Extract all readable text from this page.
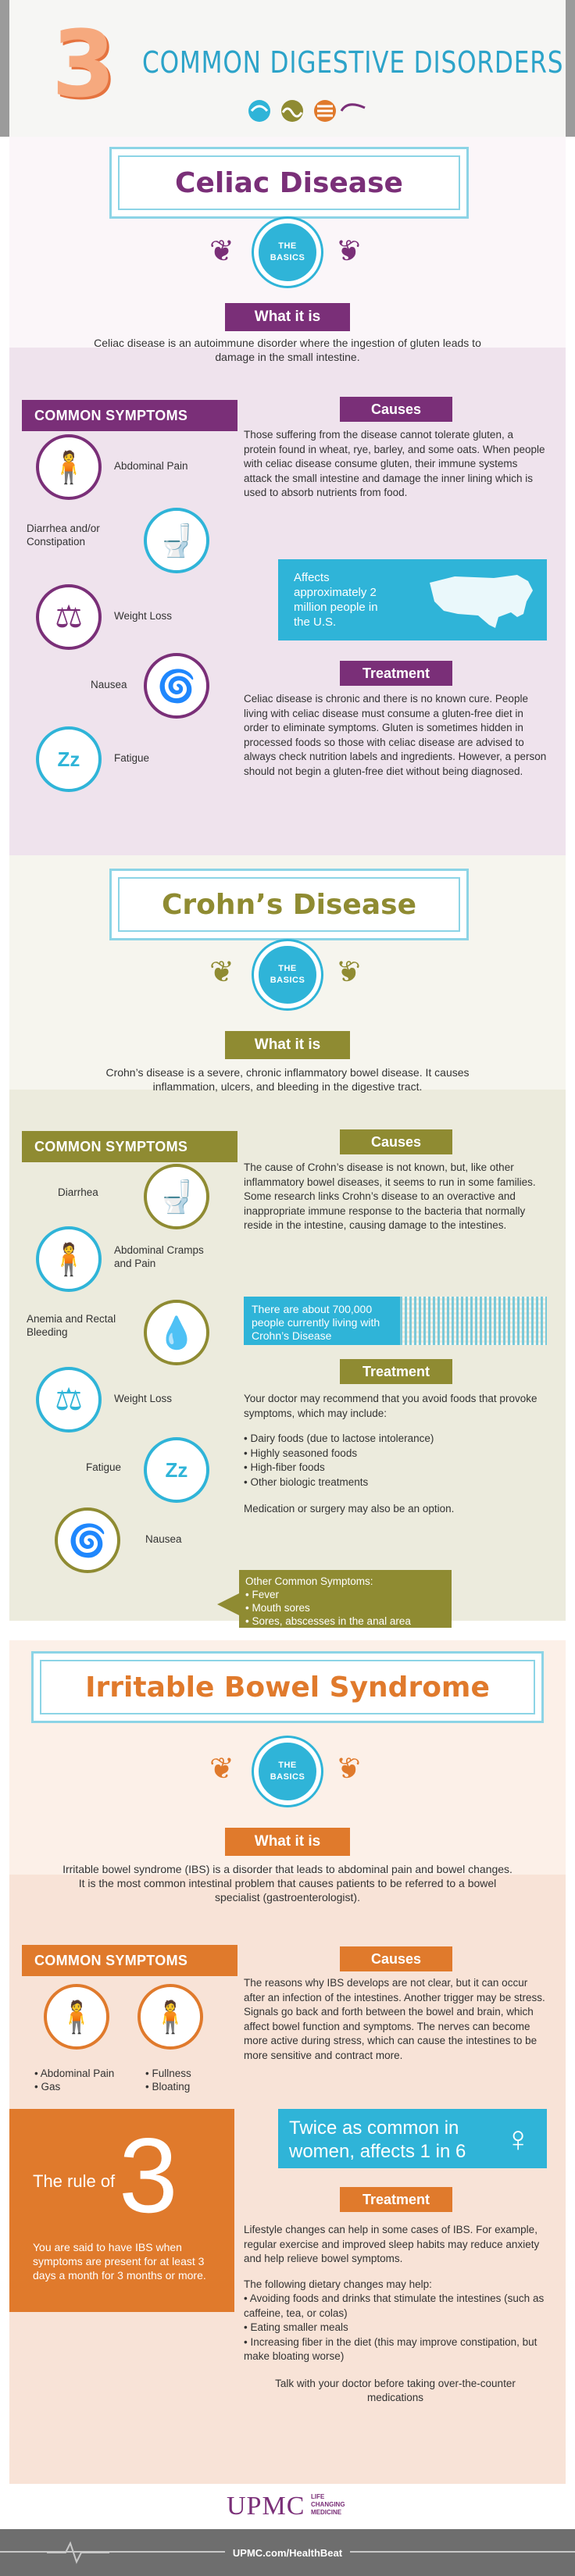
3 COMMON DIGESTIVE DISORDERS
Celiac Disease
❦	❦
THE
BASICS
What it is
Celiac disease is an autoimmune disorder where the ingestion of gluten leads to damage in the small intestine.
COMMON SYMPTOMS	Causes
Those suffering from the disease cannot tolerate gluten, a protein found in wheat, rye, barley, and some oats. When people with celiac disease consume gluten, their immune systems attack the small intestine and damage the inner lining which is used to absorb nutrients from food.
🧍	Abdominal Pain
Diarrhea and/or Constipation	🚽
⚖	Weight Loss
Nausea 🌀
Zz	Fatigue
Affects approximately 2 million people in the U.S.
Treatment
Celiac disease is chronic and there is no known cure. People living with celiac disease must consume a gluten-free diet in order to eliminate symptoms. Gluten is sometimes hidden in processed foods so those with celiac disease are advised to always check nutrition labels and ingredients. However, a person should not begin a gluten-free diet without being diagnosed.
Crohn’s Disease
❦	❦
THE
BASICS
What it is
Crohn’s disease is a severe, chronic inflammatory bowel disease. It causes inflammation, ulcers, and bleeding in the digestive tract.
COMMON SYMPTOMS	Causes
The cause of Crohn’s disease is not known, but, like other inflammatory bowel diseases, it seems to run in some families. Some research links Crohn’s disease to an overactive and inappropriate immune response to the bacteria that normally reside in the intestine, causing damage to the intestines.
Diarrhea	🚽
🧍	Abdominal Cramps and Pain
Anemia and Rectal Bleeding	💧
⚖	Weight Loss
Fatigue	Zz
🌀	Nausea
There are about 700,000 people currently living with Crohn’s Disease
Treatment
Your doctor may recommend that you avoid foods that provoke symptoms, which may include:
• Dairy foods (due to lactose intolerance)
• Highly seasoned foods
• High-fiber foods
• Other biologic treatments
Medication or surgery may also be an option.
Other Common Symptoms:
• Fever
• Mouth sores
• Sores, abscesses in the anal area
Irritable Bowel Syndrome
❦	❦
THE
BASICS
What it is
Irritable bowel syndrome (IBS) is a disorder that leads to abdominal pain and bowel changes. It is the most common intestinal problem that causes patients to be referred to a bowel specialist (gastroenterologist).
COMMON SYMPTOMS	Causes
The reasons why IBS develops are not clear, but it can occur after an infection of the intestines. Another trigger may be stress. Signals go back and forth between the bowel and brain, which affect bowel function and symptoms. The nerves can become more active during stress, which can cause the intestines to be more sensitive and contract more.
🧍	🧍
• Abdominal Pain
• Gas
• Fullness
• Bloating
The rule of 3
You are said to have IBS when symptoms are present for at least 3 days a month for 3 months or more.
Twice as common in women, affects 1 in 6	♀
Treatment
Lifestyle changes can help in some cases of IBS. For example, regular exercise and improved sleep habits may reduce anxiety and help relieve bowel symptoms.
The following dietary changes may help:
• Avoiding foods and drinks that stimulate the intestines (such as caffeine, tea, or colas)
• Eating smaller meals
• Increasing fiber in the diet (this may improve constipation, but make bloating worse)
Talk with your doctor before taking over-the-counter medications
UPMC LIFE
CHANGING
MEDICINE
UPMC.com/HealthBeat
